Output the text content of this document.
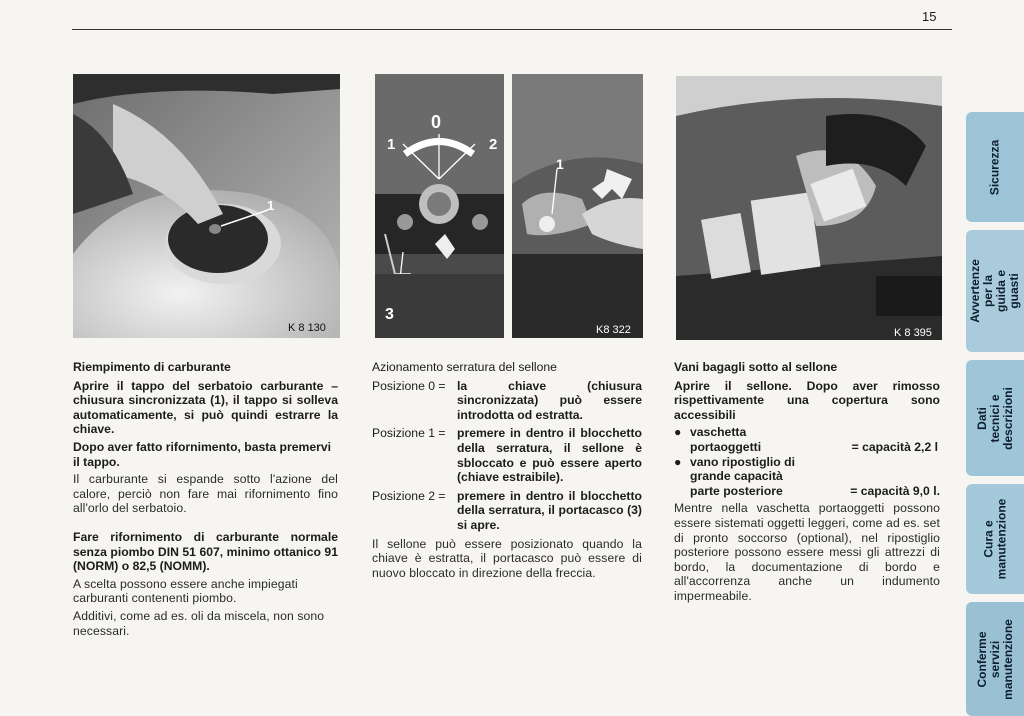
15
1
K 8 130
0
1	2
3
1
K8 322	K 8 395

Riempimento di carburante

Aprire il tappo del serbatoio carburante – chiusura sincronizzata (1), il tappo si solleva automaticamente, si può quindi estrarre la chiave.

Dopo aver fatto rifornimento, basta premervi il tappo.

Il carburante si espande sotto l'azione del calore, perciò non fare mai rifornimento fino all'orlo del serbatoio.

Fare rifornimento di carburante normale senza piombo DIN 51 607, minimo ottanico 91 (NORM) o 82,5 (NOMM).

A scelta possono essere anche impiegati carburanti contenenti piombo.

Additivi, come ad es. oli da miscela, non sono necessari.

Azionamento serratura del sellone

Posizione 0 = la chiave (chiusura sincronizzata) può essere introdotta od estratta.
Posizione 1 = premere in dentro il blocchetto della serratura, il sellone è sbloccato e può essere aperto (chiave estraibile).
Posizione 2 = premere in dentro il blocchetto della serratura, il portacasco (3) si apre.

Il sellone può essere posizionato quando la chiave è estratta, il portacasco può essere di nuovo bloccato in direzione della freccia.

Vani bagagli sotto al sellone

Aprire il sellone. Dopo aver rimosso rispettivamente una copertura sono accessibili

● vaschetta
portaoggetti	= capacità 2,2 l
● vano ripostiglio di
grande capacità
parte posteriore	= capacità 9,0 l.

Mentre nella vaschetta portaoggetti possono essere sistemati oggetti leggeri, come ad es. set di pronto soccorso (optional), nel ripostiglio posteriore possono essere messi gli attrezzi di bordo, la documentazione di bordo e all'accorrenza anche un indumento impermeabile.

Sicurezza
Avvertenze per la guida e guasti
Dati tecnici e descrizioni
Cura e manutenzione
Conferme servizi manutenzione
